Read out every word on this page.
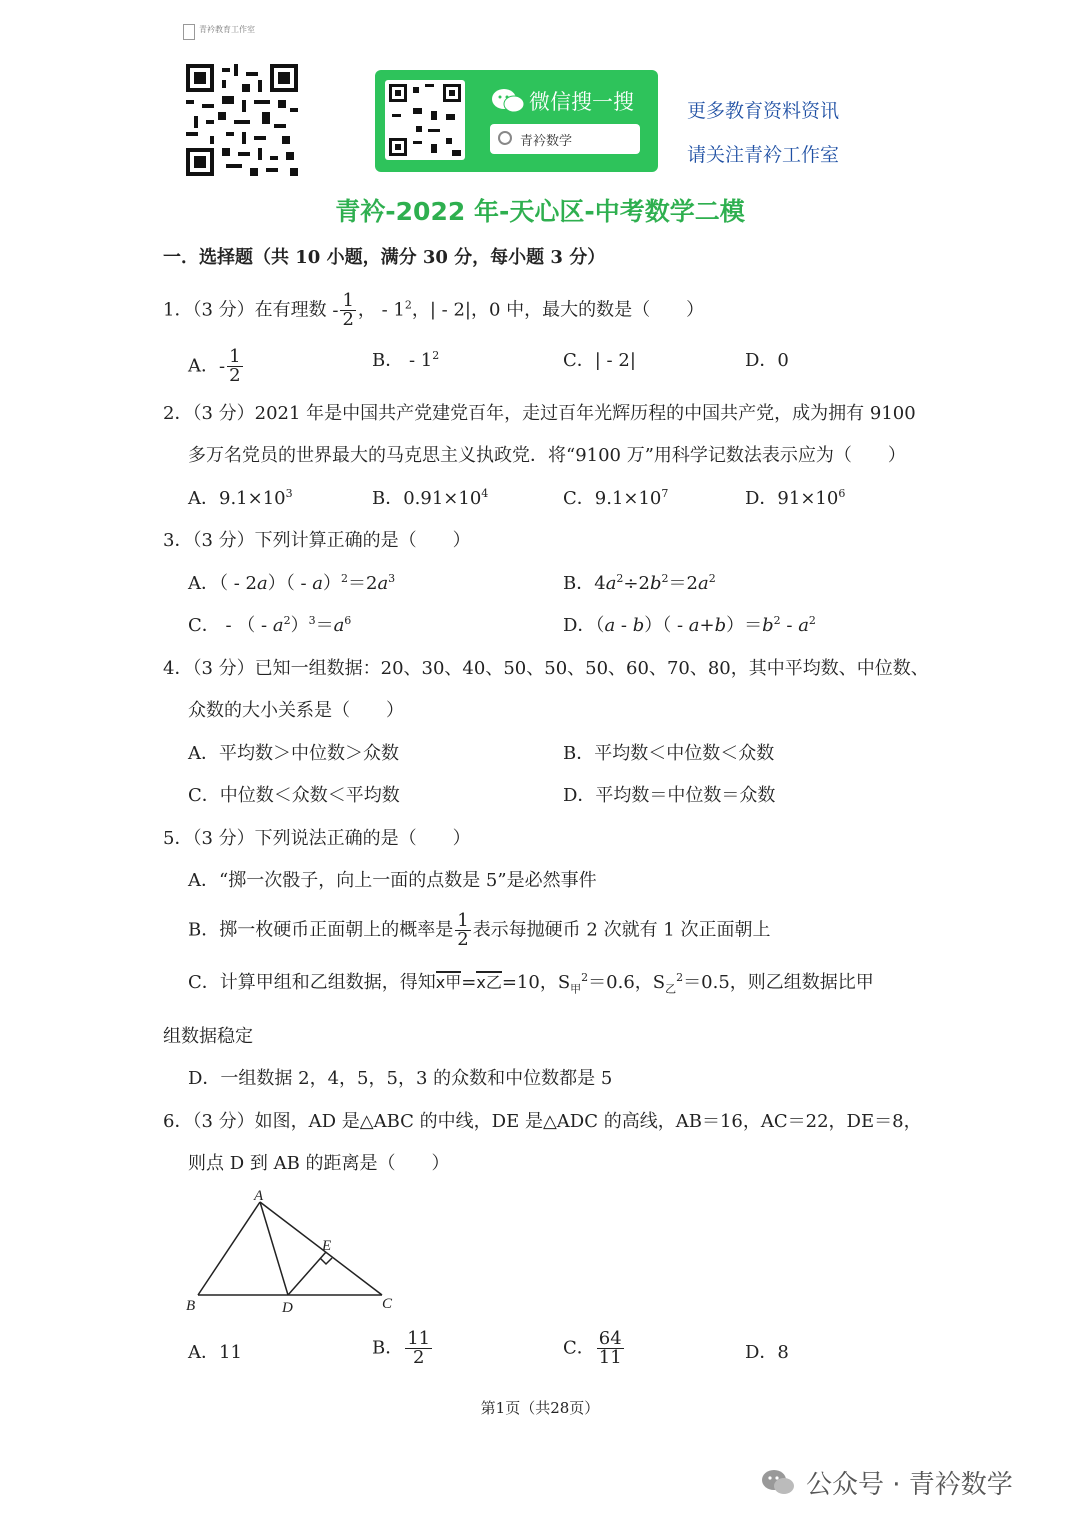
青衿教育工作室
微信搜一搜
青衿数学
更多教育资料资讯
请关注青衿工作室
青衿-2022 年-天心区-中考数学二模
一．选择题（共 10 小题，满分 30 分，每小题 3 分）
1．（3 分）在有理数 - $\frac{1}{2}$ ， - $1^2$，| - 2|，0 中，最大的数是（　　）
A． - $\frac{1}{2}$	B． - $1^2$	C．| - 2|	D．0
2．（3 分）2021 年是中国共产党建党百年，走过百年光辉历程的中国共产党，成为拥有 9100
多万名党员的世界最大的马克思主义执政党．将“9100 万”用科学记数法表示应为（　　）
A．$9.1\times 10^3$	B．$0.91\times 10^4$	C．$9.1\times 10^7$	D．$91\times 10^6$
3．（3 分）下列计算正确的是（　　）
A．（ - $2a)( - a)^2=2a^3$	B．$4a^2\div 2b^2=2a^2$
C． - （ - $a^2)^3=a^6$	D．$(a - b)( - a+b)=b^2 - a^2$
4．（3 分）已知一组数据：20、30、40、50、50、50、60、70、80，其中平均数、中位数、
众数的大小关系是（　　）
A．平均数＞中位数＞众数	B．平均数＜中位数＜众数
C．中位数＜众数＜平均数	D．平均数＝中位数＝众数
5．（3 分）下列说法正确的是（　　）
A．“掷一次骰子，向上一面的点数是 5”是必然事件
B．掷一枚硬币正面朝上的概率是 $\frac{1}{2}$ 表示每抛硬币 2 次就有 1 次正面朝上
C．计算甲组和乙组数据，得知x甲=x乙=10，$S_甲^2=0.6$，$S_乙^2=0.5$，则乙组数据比甲
组数据稳定
D．一组数据 2，4，5，5，3 的众数和中位数都是 5
6．（3 分）如图，AD 是△ABC 的中线，DE 是△ADC 的高线，AB＝16，AC＝22，DE＝8，
则点 D 到 AB 的距离是（　　）
A
B	C
D
E
A．11	B． $\frac{11}{2}$	C． $\frac{64}{11}$	D．8
第1页（共28页）
公众号 · 青衿数学
